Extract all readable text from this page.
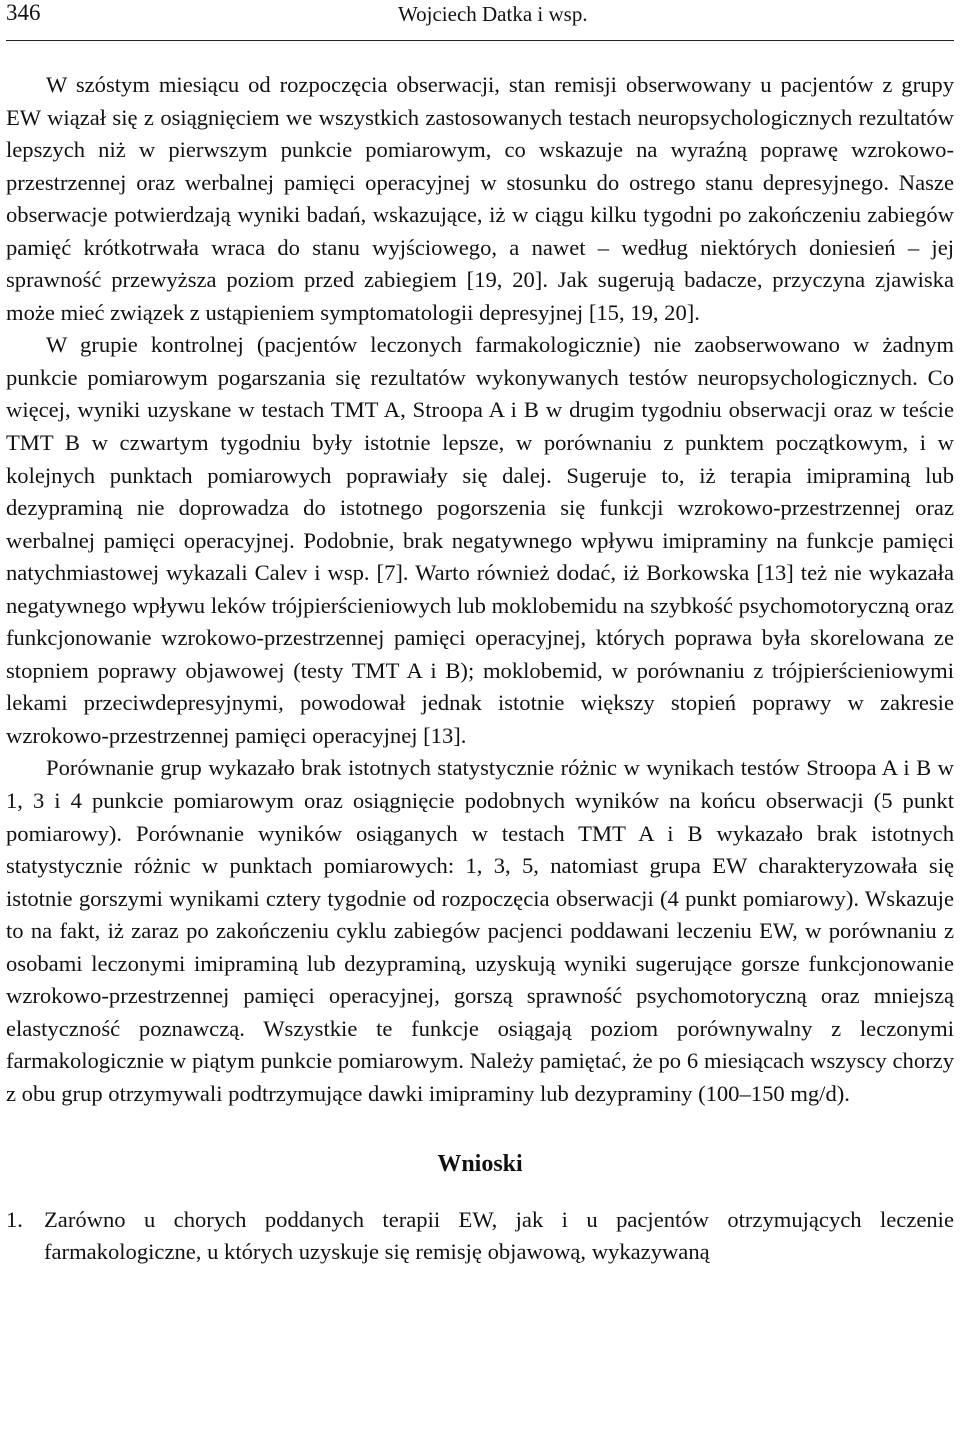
346	Wojciech Datka i wsp.

W szóstym miesiącu od rozpoczęcia obserwacji, stan remisji obserwowany u pacjentów z grupy EW wiązał się z osiągnięciem we wszystkich zastosowanych testach neuropsychologicznych rezultatów lepszych niż w pierwszym punkcie pomiarowym, co wskazuje na wyraźną poprawę wzrokowo-przestrzennej oraz werbalnej pamięci operacyjnej w stosunku do ostrego stanu depresyjnego. Nasze obserwacje potwierdzają wyniki badań, wskazujące, iż w ciągu kilku tygodni po zakończeniu zabiegów pamięć krótkotrwała wraca do stanu wyjściowego, a nawet – według niektórych doniesień – jej sprawność przewyższa poziom przed zabiegiem [19, 20]. Jak sugerują badacze, przyczyna zjawiska może mieć związek z ustąpieniem symptomatologii depresyjnej [15, 19, 20].

W grupie kontrolnej (pacjentów leczonych farmakologicznie) nie zaobserwowano w żadnym punkcie pomiarowym pogarszania się rezultatów wykonywanych testów neuropsychologicznych. Co więcej, wyniki uzyskane w testach TMT A, Stroopa A i B w drugim tygodniu obserwacji oraz w teście TMT B w czwartym tygodniu były istotnie lepsze, w porównaniu z punktem początkowym, i w kolejnych punktach pomiarowych poprawiały się dalej. Sugeruje to, iż terapia imipraminą lub dezypraminą nie doprowadza do istotnego pogorszenia się funkcji wzrokowo-przestrzennej oraz werbalnej pamięci operacyjnej. Podobnie, brak negatywnego wpływu imipraminy na funkcje pamięci natychmiastowej wykazali Calev i wsp. [7]. Warto również dodać, iż Borkowska [13] też nie wykazała negatywnego wpływu leków trójpierścieniowych lub moklobemidu na szybkość psychomotoryczną oraz funkcjonowanie wzrokowo-przestrzennej pamięci operacyjnej, których poprawa była skorelowana ze stopniem poprawy objawowej (testy TMT A i B); moklobemid, w porównaniu z trójpierścieniowymi lekami przeciwdepresyjnymi, powodował jednak istotnie większy stopień poprawy w zakresie wzrokowo-przestrzennej pamięci operacyjnej [13].

Porównanie grup wykazało brak istotnych statystycznie różnic w wynikach testów Stroopa A i B w 1, 3 i 4 punkcie pomiarowym oraz osiągnięcie podobnych wyników na końcu obserwacji (5 punkt pomiarowy). Porównanie wyników osiąganych w testach TMT A i B wykazało brak istotnych statystycznie różnic w punktach pomiarowych: 1, 3, 5, natomiast grupa EW charakteryzowała się istotnie gorszymi wynikami cztery tygodnie od rozpoczęcia obserwacji (4 punkt pomiarowy). Wskazuje to na fakt, iż zaraz po zakończeniu cyklu zabiegów pacjenci poddawani leczeniu EW, w porównaniu z osobami leczonymi imipraminą lub dezypraminą, uzyskują wyniki sugerujące gorsze funkcjonowanie wzrokowo-przestrzennej pamięci operacyjnej, gorszą sprawność psychomotoryczną oraz mniejszą elastyczność poznawczą. Wszystkie te funkcje osiągają poziom porównywalny z leczonymi farmakologicznie w piątym punkcie pomiarowym. Należy pamiętać, że po 6 miesiącach wszyscy chorzy z obu grup otrzymywali podtrzymujące dawki imipraminy lub dezypraminy (100–150 mg/d).

Wnioski
1. Zarówno u chorych poddanych terapii EW, jak i u pacjentów otrzymujących leczenie farmakologiczne, u których uzyskuje się remisję objawową, wykazywaną
